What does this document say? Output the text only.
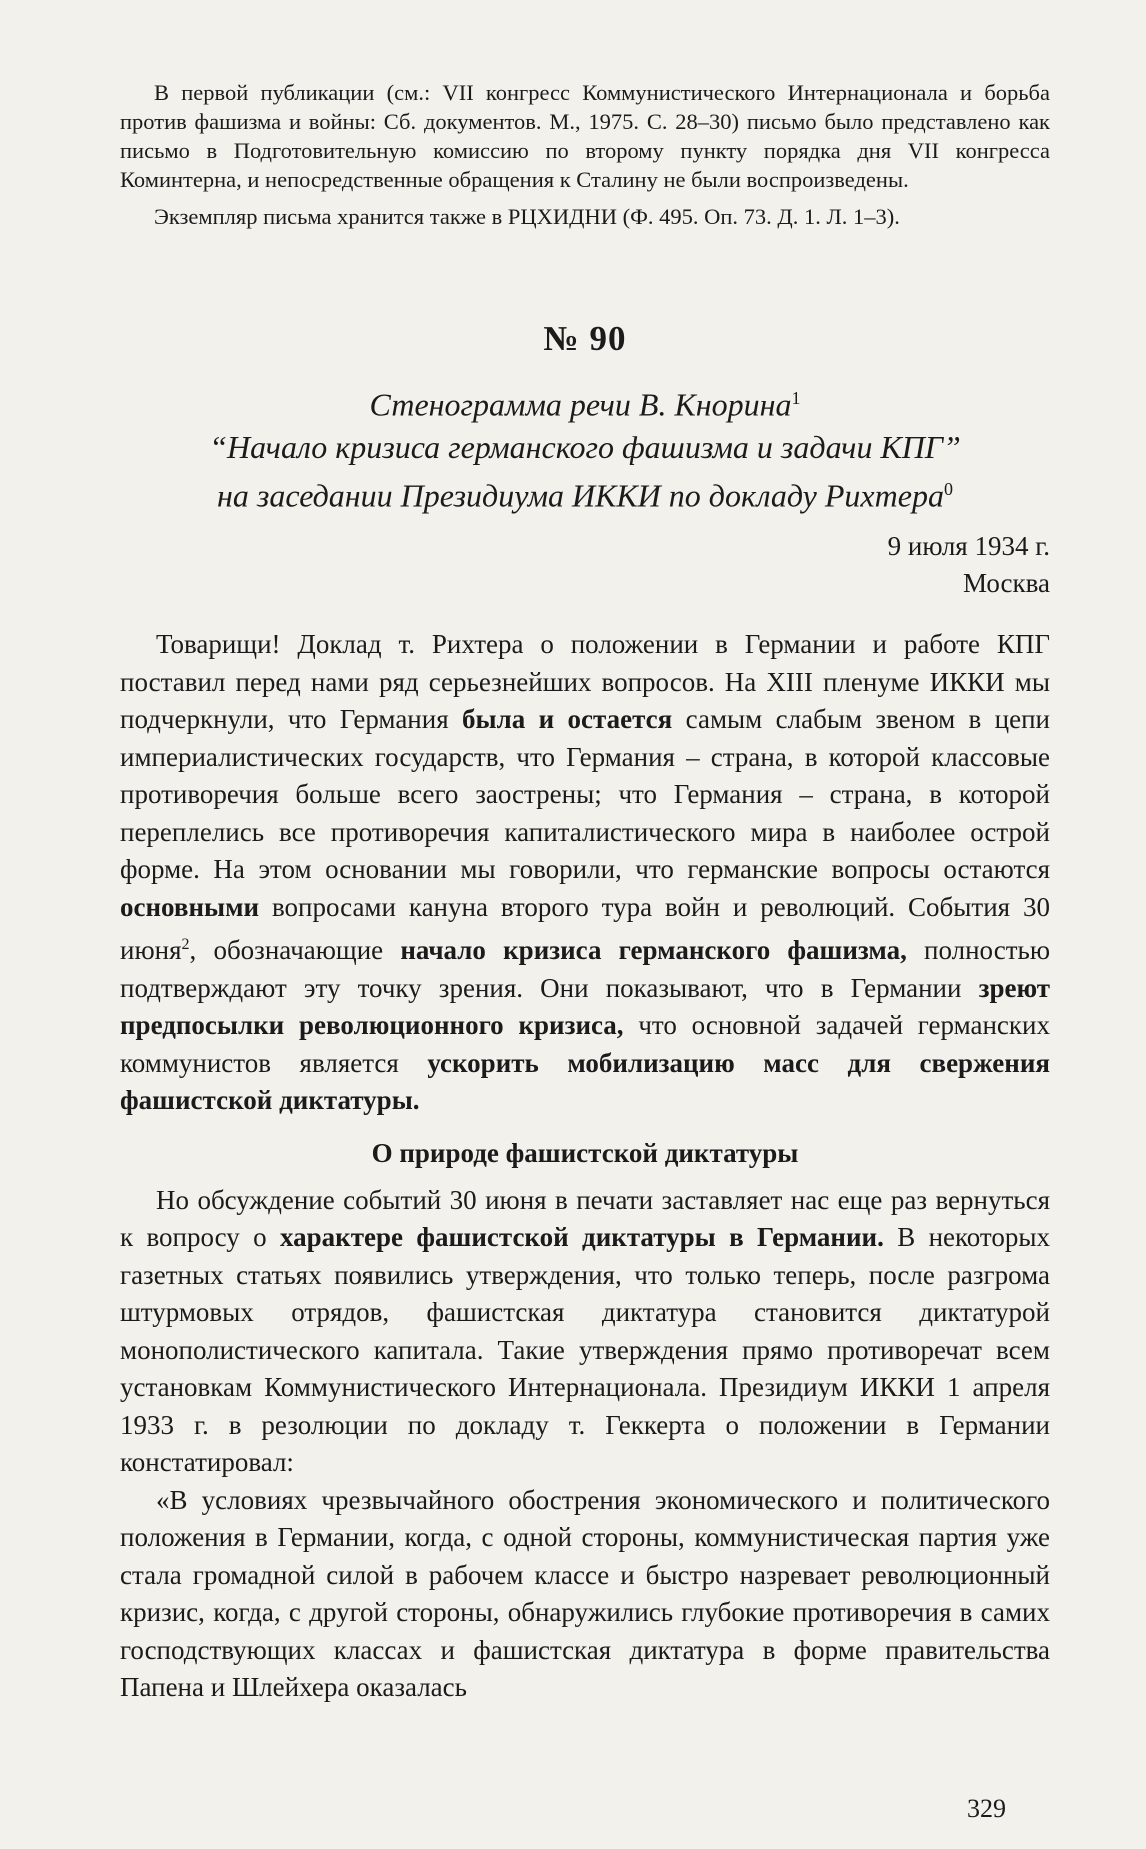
В первой публикации (см.: VII конгресс Коммунистического Интернационала и борьба против фашизма и войны: Сб. документов. М., 1975. С. 28–30) письмо было представлено как письмо в Подготовительную комиссию по второму пункту порядка дня VII конгресса Коминтерна, и непосредственные обращения к Сталину не были воспроизведены.

Экземпляр письма хранится также в РЦХИДНИ (Ф. 495. Оп. 73. Д. 1. Л. 1–3).

№ 90
Стенограмма речи В. Кнорина$^1$
“Начало кризиса германского фашизма и задачи КПГ”
на заседании Президиума ИККИ по докладу Рихтера$^0$
9 июля 1934 г.
Москва

Товарищи! Доклад т. Рихтера о положении в Германии и работе КПГ поставил перед нами ряд серьезнейших вопросов. На XIII пленуме ИККИ мы подчеркнули, что Германия была и остается самым слабым звеном в цепи империалистических государств, что Германия – страна, в которой классовые противоречия больше всего заострены; что Германия – страна, в которой переплелись все противоречия капиталистического мира в наиболее острой форме. На этом основании мы говорили, что германские вопросы остаются основными вопросами кануна второго тура войн и революций. События 30 июня$^2$, обозначающие начало кризиса германского фашизма, полностью подтверждают эту точку зрения. Они показывают, что в Германии зреют предпосылки революционного кризиса, что основной задачей германских коммунистов является ускорить мобилизацию масс для свержения фашистской диктатуры.

О природе фашистской диктатуры

Но обсуждение событий 30 июня в печати заставляет нас еще раз вернуться к вопросу о характере фашистской диктатуры в Германии. В некоторых газетных статьях появились утверждения, что только теперь, после разгрома штурмовых отрядов, фашистская диктатура становится диктатурой монополистического капитала. Такие утверждения прямо противоречат всем установкам Коммунистического Интернационала. Президиум ИККИ 1 апреля 1933 г. в резолюции по докладу т. Геккерта о положении в Германии констатировал:

«В условиях чрезвычайного обострения экономического и политического положения в Германии, когда, с одной стороны, коммунистическая партия уже стала громадной силой в рабочем классе и быстро назревает революционный кризис, когда, с другой стороны, обнаружились глубокие противоречия в самих господствующих классах и фашистская диктатура в форме правительства Папена и Шлейхера оказалась

329
